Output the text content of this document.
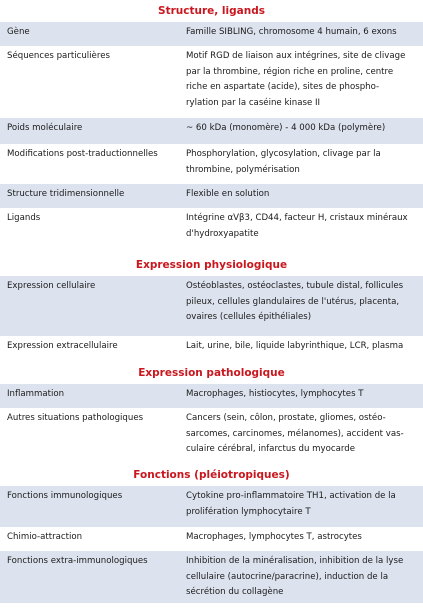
Structure, ligands
Gène	Famille SIBLING, chromosome 4 humain, 6 exons
Séquences particulières	Motif RGD de liaison aux intégrines, site de clivage
par la thrombine, région riche en proline, centre
riche en aspartate (acide), sites de phospho-
rylation par la caséine kinase II
Poids moléculaire	~ 60 kDa (monomère) - 4 000 kDa (polymère)
Modifications post-traductionnelles	Phosphorylation, glycosylation, clivage par la
thrombine, polymérisation
Structure tridimensionnelle	Flexible en solution
Ligands	Intégrine αVβ3, CD44, facteur H, cristaux minéraux
d'hydroxyapatite
Expression physiologique
Expression cellulaire	Ostéoblastes, ostéoclastes, tubule distal, follicules
pileux, cellules glandulaires de l'utérus, placenta,
ovaires (cellules épithéliales)
Expression extracellulaire	Lait, urine, bile, liquide labyrinthique, LCR, plasma
Expression pathologique
Inflammation	Macrophages, histiocytes, lymphocytes T
Autres situations pathologiques	Cancers (sein, côlon, prostate, gliomes, ostéo-
sarcomes, carcinomes, mélanomes), accident vas-
culaire cérébral, infarctus du myocarde
Fonctions (pléiotropiques)
Fonctions immunologiques	Cytokine pro-inflammatoire TH1, activation de la
prolifération lymphocytaire T
Chimio-attraction	Macrophages, lymphocytes T, astrocytes
Fonctions extra-immunologiques	Inhibition de la minéralisation, inhibition de la lyse
cellulaire (autocrine/paracrine), induction de la
sécrétion du collagène
